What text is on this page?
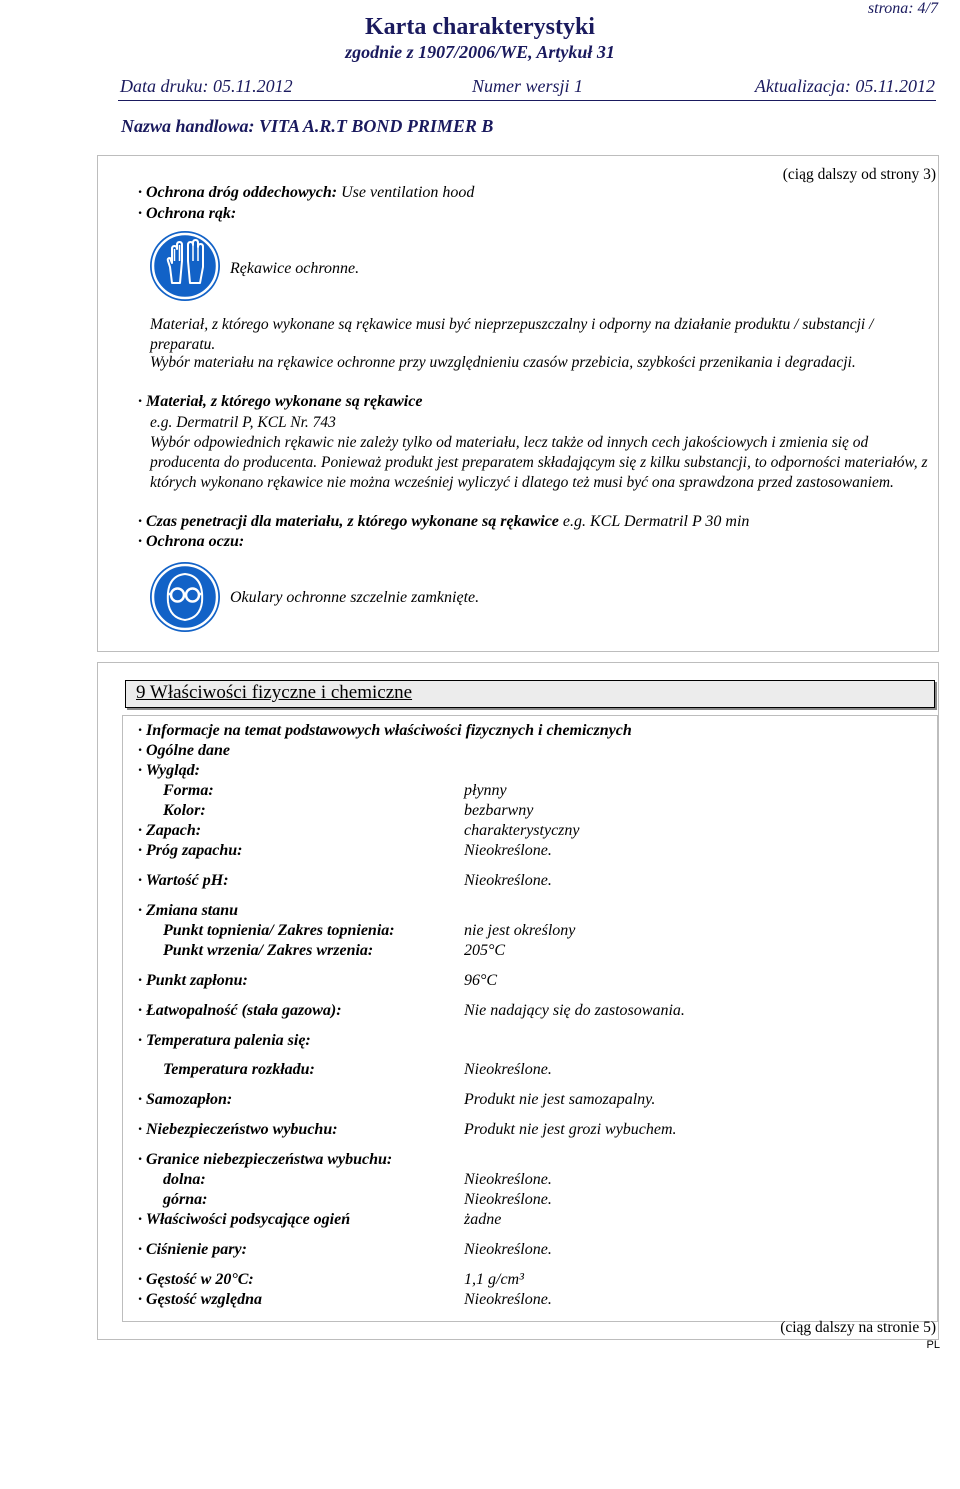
strona: 4/7
Karta charakterystyki
zgodnie z 1907/2006/WE, Artykuł 31
Data druku: 05.11.2012	Numer wersji 1	Aktualizacja: 05.11.2012
Nazwa handlowa: VITA A.R.T BOND PRIMER B
(ciąg dalszy od strony 3)
· Ochrona dróg oddechowych: Use ventilation hood
· Ochrona rąk:
Rękawice ochronne.
Materiał, z którego wykonane są rękawice musi być nieprzepuszczalny i odporny na działanie produktu / substancji / preparatu.
Wybór materiału na rękawice ochronne przy uwzględnieniu czasów przebicia, szybkości przenikania i degradacji.
· Materiał, z którego wykonane są rękawice
e.g. Dermatril P, KCL Nr. 743
Wybór odpowiednich rękawic nie zależy tylko od materiału, lecz także od innych cech jakościowych i zmienia się od producenta do producenta. Ponieważ produkt jest preparatem składającym się z kilku substancji, to odporności materiałów, z których wykonano rękawice nie można wcześniej wyliczyć i dlatego też musi być ona sprawdzona przed zastosowaniem.
· Czas penetracji dla materiału, z którego wykonane są rękawice e.g. KCL Dermatril P 30 min
· Ochrona oczu:
Okulary ochronne szczelnie zamknięte.
9 Właściwości fizyczne i chemiczne
· Informacje na temat podstawowych właściwości fizycznych i chemicznych
· Ogólne dane
· Wygląd:
Forma:	płynny
Kolor:	bezbarwny
· Zapach:	charakterystyczny
· Próg zapachu:	Nieokreślone.
· Wartość pH:	Nieokreślone.
· Zmiana stanu
Punkt topnienia/ Zakres topnienia:	nie jest określony
Punkt wrzenia/ Zakres wrzenia:	205°C
· Punkt zapłonu:	96°C
· Łatwopalność (stała gazowa):	Nie nadający się do zastosowania.
· Temperatura palenia się:
Temperatura rozkładu:	Nieokreślone.
· Samozapłon:	Produkt nie jest samozapalny.
· Niebezpieczeństwo wybuchu:	Produkt nie jest grozi wybuchem.
· Granice niebezpieczeństwa wybuchu:
dolna:	Nieokreślone.
górna:	Nieokreślone.
· Właściwości podsycające ogień	żadne
· Ciśnienie pary:	Nieokreślone.
· Gęstość w 20°C:	1,1 g/cm³
· Gęstość względna	Nieokreślone.
(ciąg dalszy na stronie 5)
PL
